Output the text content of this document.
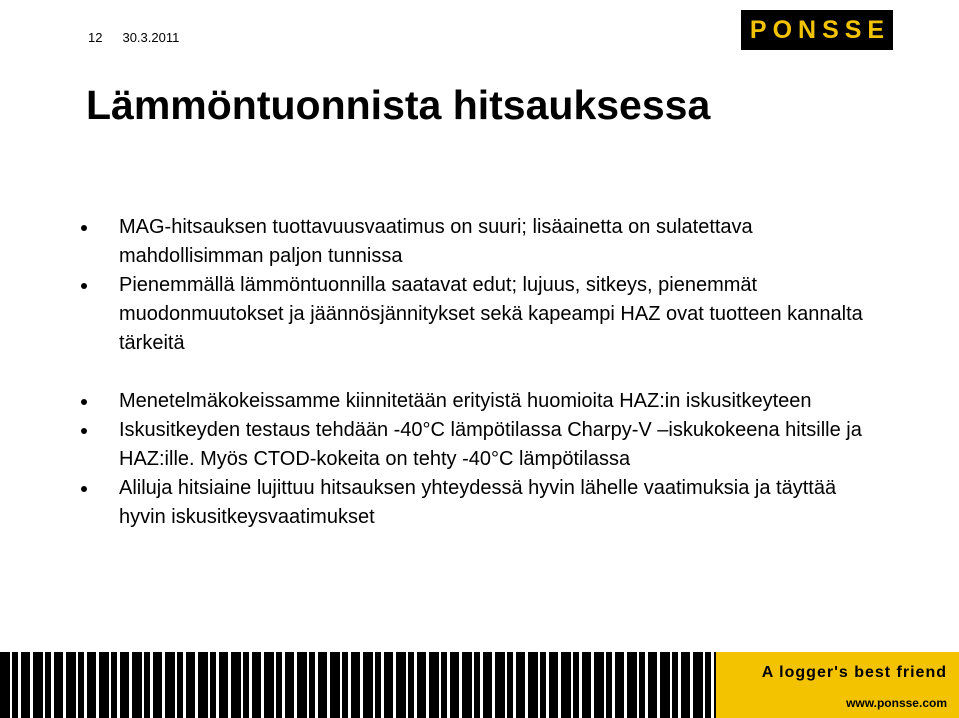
12 30.3.2011	PONSSE
Lämmöntuonnista hitsauksessa
MAG-hitsauksen tuottavuusvaatimus on suuri; lisäainetta on sulatettava mahdollisimman paljon tunnissa
Pienemmällä lämmöntuonnilla saatavat edut; lujuus, sitkeys, pienemmät muodonmuutokset ja jäännösjännitykset sekä kapeampi HAZ ovat tuotteen kannalta tärkeitä
Menetelmäkokeissamme kiinnitetään erityistä huomioita HAZ:in iskusitkeyteen
Iskusitkeyden testaus tehdään -40°C lämpötilassa Charpy-V –iskukokeena hitsille ja HAZ:ille. Myös CTOD-kokeita on tehty -40°C lämpötilassa
Aliluja hitsiaine lujittuu hitsauksen yhteydessä hyvin lähelle vaatimuksia ja täyttää hyvin iskusitkeysvaatimukset
A logger's best friend
www.ponsse.com
